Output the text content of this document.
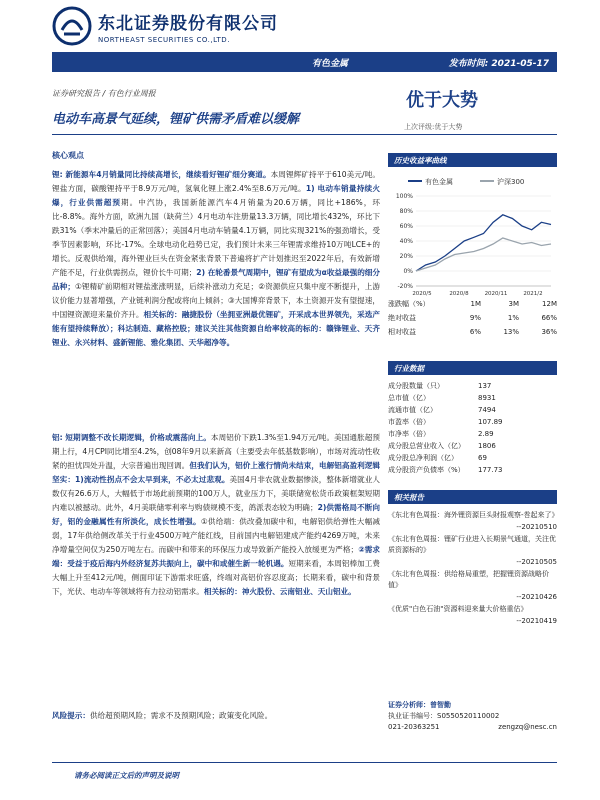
东北证券股份有限公司
NORTHEAST SECURITIES CO.,LTD.
有色金属	发布时间: 2021-05-17
证券研究报告 / 有色行业周报
电动车高景气延续，锂矿供需矛盾难以缓解
优于大势
上次评级:优于大势
核心观点
锂: 新能源车4月销量同比持续高增长，继续看好锂矿细分赛道。本周锂辉矿持平于610美元/吨。锂盐方面，碳酸锂持平于8.9万元/吨，氢氧化锂上涨2.4%至8.6万元/吨。1) 电动车销量持续火爆，行业供需超预期。中汽协，我国新能源汽车4月销量为20.6万辆，同比+186%，环比-8.8%。海外方面，欧洲九国（缺荷兰）4月电动车注册量13.3万辆，同比增长432%，环比下跌31%（季末冲量后的正常回落）；美国4月电动车销量4.1万辆，同比实现321%的强劲增长，受季节因素影响，环比-17%。全球电动化趋势已定，我们预计未来三年锂需求维持10万吨LCE+的增长。反观供给端，海外锂业巨头在资金紧张背景下普遍将扩产计划推迟至2022年后，有效新增产能不足，行业供需拐点，锂价长牛可期；2) 在轮番景气周期中，锂矿有望成为α收益最强的细分品种；①锂精矿前期相对锂盐涨涨明显，后续补涨动力充足；②资源供应只集中度不断提升，上游议价能力显著增强，产业链利润分配或将向上倾斜；③大国博弈背景下，本土资源开发有望提速，中国锂资源迎来量价齐升。相关标的：融捷股份（坐拥亚洲最优锂矿，开采成本世界领先，采选产能有望持续释放）；科达制造、藏格控股；建议关注其他资源自给率较高的标的：赣锋锂业、天齐锂业、永兴材料、盛新锂能、雅化集团、天华超净等。
铝: 短期调整不改长期逻辑，价格或震荡向上。本周铝价下跌1.3%至1.94万元/吨。美国通胀超预期上行，4月CPI同比增至4.2%，创08年9月以来新高（主要受去年低基数影响），市场对流动性收紧的担忧四处升温，大宗普遍出现回调。但我们认为，铝价上涨行情尚未结束，电解铝高盈利逻辑坚实：1)流动性拐点不会太早到来，不必太过悲观。美国4月非农就业数据惨淡，整体新增就业人数仅有26.6万人，大幅低于市场此前预期的100万人，就业压力下，美联储宽松货币政策框架短期内难以被撼动。此外，4月美联储零利率与购债规模不变，鸽派表态较为明确；2)供需格局不断向好，铝的金融属性有所淡化，成长性增强。①供给端：供改叠加碳中和，电解铝供给弹性大幅减弱，17年供给侧改革关于行业4500万吨产能红线，目前国内电解铝建成产能约4269万吨，未来净增量空间仅为250万吨左右。而碳中和带来的环保压力或导致新产能投入放缓更为严格；②需求端：受益于疫后海内外经济复苏共振向上，碳中和或催生新一轮机遇。短期来看，本周铝棒加工费大幅上升至412元/吨，侧面印证下游需求旺盛，终端对高铝价容忍度高；长期来看，碳中和背景下，光伏、电动车等领域将有力拉动铝需求。相关标的：神火股份、云南铝业、天山铝业。
风险提示：供给超预期风险；需求不及预期风险；政策变化风险。
历史收益率曲线
有色金属	沪深300
100%
80%
60%
40%
20%
0%
-20%
2020/5	2020/8	2020/11	2021/2
涨跌幅（%）	1M	3M	12M
绝对收益	9%	1%	66%
相对收益	6%	13%	36%
行业数据
成分股数量（只）	137
总市值（亿）	8931
流通市值（亿）	7494
市盈率（倍）	107.89
市净率（倍）	2.89
成分股总营业收入（亿）	1806
成分股总净利润（亿）	69
成分股资产负债率（%）	177.73
相关报告
《东北有色周报：海外锂资源巨头財报观察-巻起来了》
--20210510
《东北有色周报：锂矿行业进入长期景气通道，关注优质资源标的》
--20210505
《东北有色周报：供给格局重塑，把握锂资源战略价值》
--20210426
《优质"白色石油"资源料迎来量大价格重估》
--20210419
证券分析师：曾智勤
执业证书编号：S0550520110002
021-20363251	zengzq@nesc.cn
请务必阅读正文后的声明及说明
